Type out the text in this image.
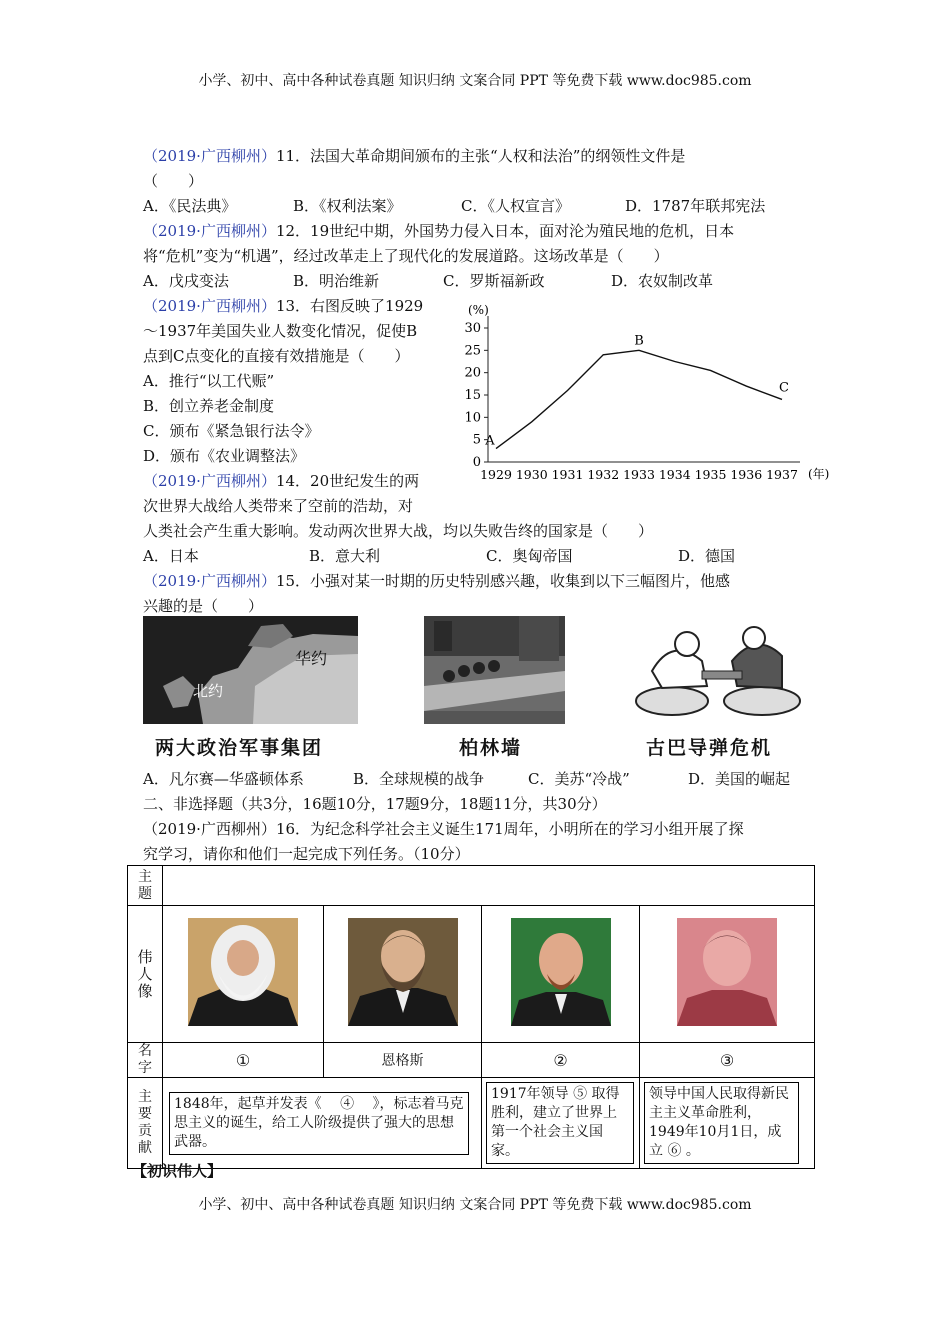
小学、初中、高中各种试卷真题 知识归纳 文案合同 PPT 等免费下载 www.doc985.com
（2019·广西柳州）11．法国大革命期间颁布的主张“人权和法治”的纲领性文件是
（　　）
A．《民法典》	B．《权利法案》	C．《人权宣言》	D．1787年联邦宪法
（2019·广西柳州）12．19世纪中期，外国势力侵入日本，面对沦为殖民地的危机，日本
将“危机”变为“机遇”，经过改革走上了现代化的发展道路。这场改革是（　　）
A．戊戌变法	B．明治维新	C．罗斯福新政	D．农奴制改革
（2019·广西柳州）13．右图反映了1929
～1937年美国失业人数变化情况，促使B
点到C点变化的直接有效措施是（　　）
A．推行“以工代赈”
B．创立养老金制度
C．颁布《紧急银行法令》
D．颁布《农业调整法》	0
5
10
15
20
25
30
(%)
1929 1930 1931 1932 1933 1934 1935 1936 1937 (年)
A
B
C
（2019·广西柳州）14．20世纪发生的两
次世界大战给人类带来了空前的浩劫，对
人类社会产生重大影响。发动两次世界大战，均以失败告终的国家是（　　）
A．日本	B．意大利	C．奥匈帝国	D．德国
（2019·广西柳州）15．小强对某一时期的历史特别感兴趣，收集到以下三幅图片，他感
兴趣的是（　　）
华约
北约
两大政治军事集团	柏林墙	古巴导弹危机
A．凡尔赛—华盛顿体系	B．全球规模的战争	C．美苏“冷战”	D．美国的崛起
二、非选择题（共3分，16题10分，17题9分，18题11分，共30分）
（2019·广西柳州）16．为纪念科学社会主义诞生171周年，小明所在的学习小组开展了探
究学习，请你和他们一起完成下列任务。（10分）
主题				

伟人像

名字	①	恩格斯	②	③

主要贡献	1848年，起草并发表《　 ④　 》，标志着马克思主义的诞生，给工人阶级提供了强大的思想武器。		1917年领导 ⑤ 取得胜利，建立了世界上第一个社会主义国家。	领导中国人民取得新民主主义革命胜利，1949年10月1日，成立 ⑥ 。
【初识伟人】
小学、初中、高中各种试卷真题 知识归纳 文案合同 PPT 等免费下载 www.doc985.com
